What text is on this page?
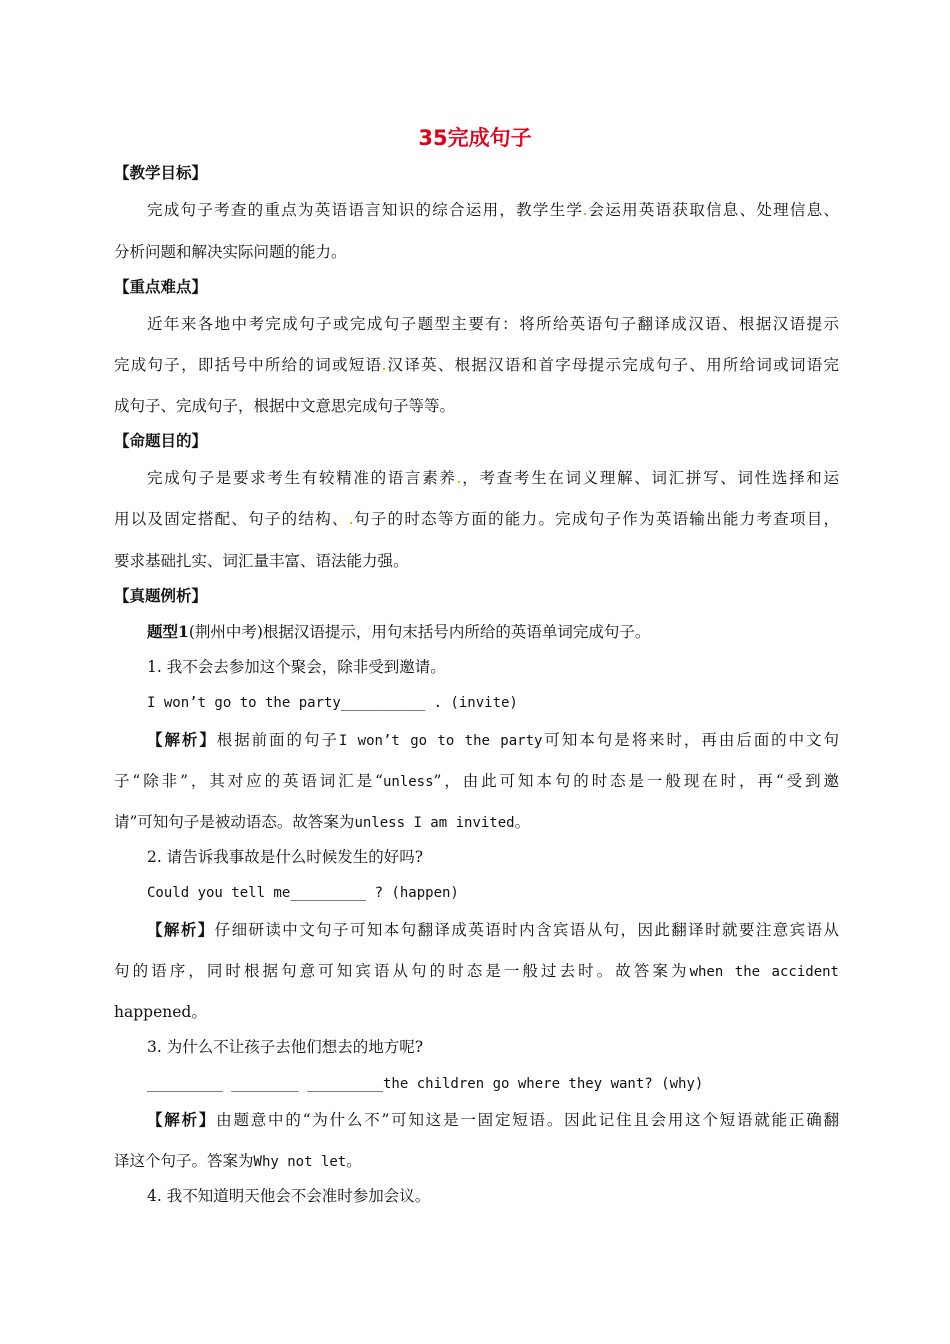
35完成句子
【教学目标】
完成句子考查的重点为英语语言知识的综合运用，教学生学 会运用英语获取信息、处理信息、
分析问题和解决实际问题的能力。
【重点难点】
近年来各地中考完成句子或完成句子题型主要有：将所给英语句子翻译成汉语、根据汉语提示
完成句子，即括号中所给的词或短语 汉译英、根据汉语和首字母提示完成句子、用所给词或词语完
成句子、完成句子，根据中文意思完成句子等等。
【命题目的】
完成句子是要求考生有较精准的语言素养 ，考查考生在词义理解、词汇拼写、词性选择和运
用以及固定搭配、句子的结构、 句子的时态等方面的能力。完成句子作为英语输出能力考查项目，
要求基础扎实、词汇量丰富、语法能力强。
【真题例析】
题型1(荆州中考)根据汉语提示，用句末括号内所给的英语单词完成句子。
1. 我不会去参加这个聚会，除非受到邀请。
I won’t go to the party__________ . (invite)
【解析】根据前面的句子I won’t go to the party可知本句是将来时，再由后面的中文句
子“除非”，其对应的英语词汇是“unless”，由此可知本句的时态是一般现在时，再“受到邀
请”可知句子是被动语态。故答案为unless I am invited。
2. 请告诉我事故是什么时候发生的好吗?
Could you tell me_________ ? (happen)
【解析】仔细研读中文句子可知本句翻译成英语时内含宾语从句，因此翻译时就要注意宾语从
句的语序，同时根据句意可知宾语从句的时态是一般过去时。故答案为when the accident
happened。
3. 为什么不让孩子去他们想去的地方呢?
_________ ________ _________the children go where they want? (why)
【解析】由题意中的“为什么不”可知这是一固定短语。因此记住且会用这个短语就能正确翻
译这个句子。答案为Why not let。
4. 我不知道明天他会不会准时参加会议。
